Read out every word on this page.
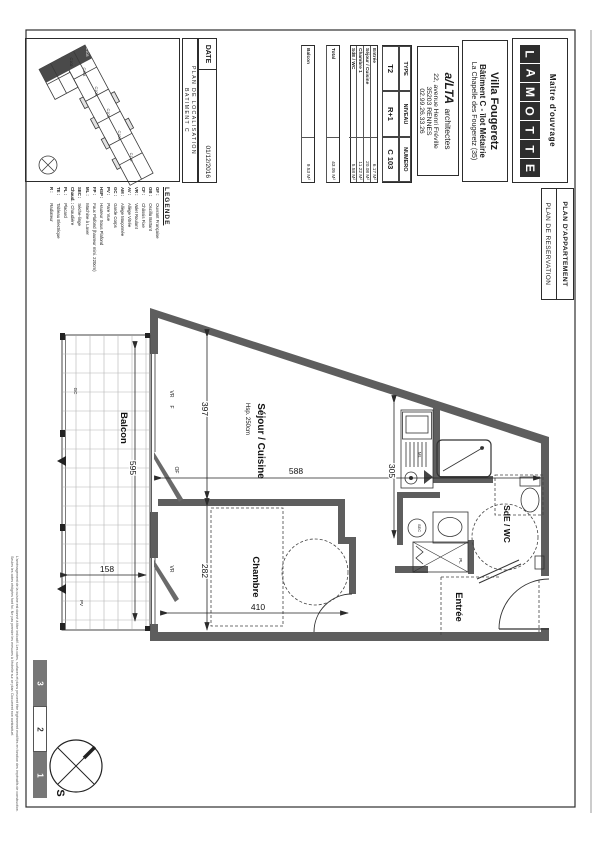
C102
C103
C104
C105
C107
C109
C110
Séjour / Cuisine
Hsp. 250cm
Chambre
Entrée
SdE / WC
Balcon
397
282
588
410
305
595
158
VR
F
OF
VR
GC
PV
ML
SEC
PL
S
PLAN DE LOCALISATION
BATIMENT C
DATE
01/12/2016
Balcon
9.53 M²
Total
43.05 M²
Entrée
6.17 M²
Séjour / Cuisine
20.08 M²
Chambre 1
11.22 M²
SdE / WC
5.58 M²
TYPE
NIVEAU
NUMERO
T2
R+1
C 103
a/LTA architectes
22, avenue Henri Fréville
35203 RENNES
02.99.26.33.26	Villa Fougeretz
Bâtiment C - îlot Métairie
La Chapelle des Fougeretz (35)
L
A
M
O
T
T
E
Maître d'ouvrage
PLAN D'APPARTEMENT
PLAN DE RESERVATION
LEGENDE
OF : Ouvrant Française
OB : Oscillo Battant
CF : Châssis Fixe
VR : Volet Roulant
AV : Allège Vitrée
AM : Allège Maçonnée
GC : Garde Corps
PV : Pare Vue
HSP : Hauteur Sous Plafond
FP : Faux Plafond (hauteur mini. 220cm)
ML : Machine à Laver
SEC : Sèche-linge
Chaud. : Chaudière
PL : Placard
TE : Tableau Electrique
R : Radiateur
L'aménagement de la cuisine est donné à titre indicatif. Les cotes, surfaces et plans peuvent être légèrement modifiés en fonction des impératifs de construction.
Seules les cotes rédigées font foi. Ne pas prendre les mesures à l'échelle sur ce plan. Document non contractuel.	3
2
1
